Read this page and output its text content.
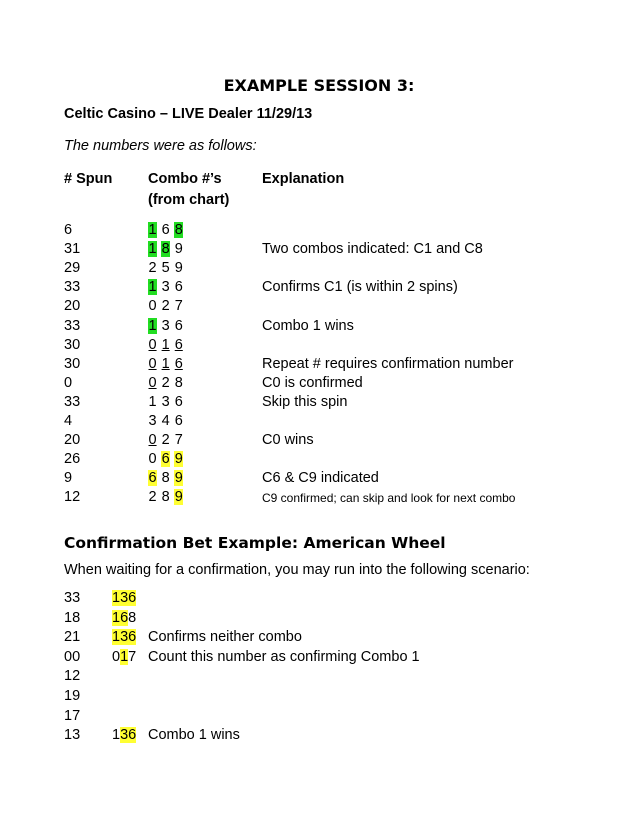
EXAMPLE SESSION 3:
Celtic Casino – LIVE Dealer 11/29/13
The numbers were as follows:
# Spun Combo #’s
(from chart)
Explanation
6	1 6 8
31	1 8 9	Two combos indicated: C1 and C8
29	2 5 9
33	1 3 6	Confirms C1 (is within 2 spins)
20	0 2 7
33	1 3 6	Combo 1 wins
30	0 1 6
30	0 1 6	Repeat # requires confirmation number
0	0 2 8	C0 is confirmed
33	1 3 6	Skip this spin
4	3 4 6
20	0 2 7	C0 wins
26	0 6 9
9	6 8 9	C6 & C9 indicated
12	2 8 9	C9 confirmed; can skip and look for next combo
Confirmation Bet Example: American Wheel
When waiting for a confirmation, you may run into the following scenario:
33 136
18 168
21 136 Confirms neither combo
00 017 Count this number as confirming Combo 1
12
19
17
13 136 Combo 1 wins
